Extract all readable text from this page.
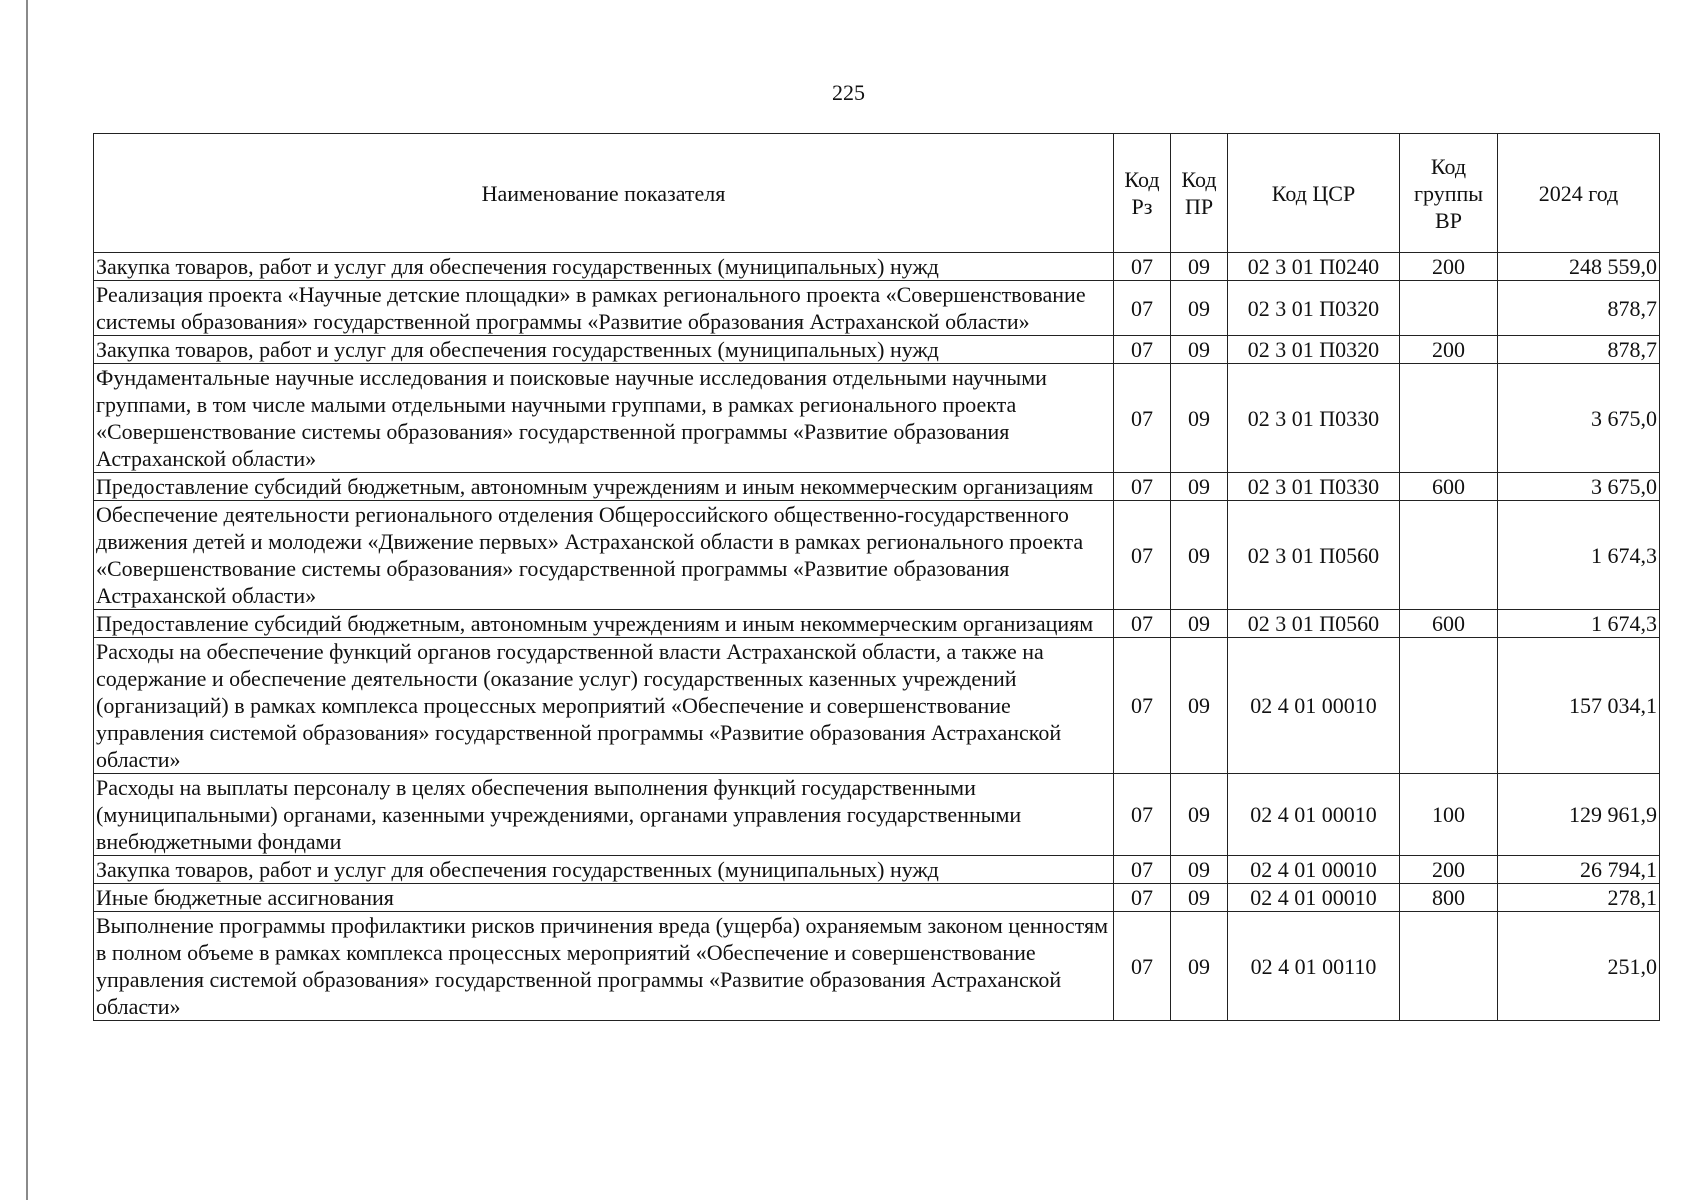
225
Наименование показателя	Код Рз	Код ПР	Код ЦСР	Код группы ВР	2024 год
Закупка товаров, работ и услуг для обеспечения государственных (муниципальных) нужд	07	09	02 3 01 П0240	200	248 559,0
Реализация проекта «Научные детские площадки» в рамках регионального проекта «Совершенствование системы образования» государственной программы «Развитие образования Астраханской области»	07	09	02 3 01 П0320		878,7
Закупка товаров, работ и услуг для обеспечения государственных (муниципальных) нужд	07	09	02 3 01 П0320	200	878,7
Фундаментальные научные исследования и поисковые научные исследования отдельными научными группами, в том числе малыми отдельными научными группами, в рамках регионального проекта «Совершенствование системы образования» государственной программы «Развитие образования Астраханской области»	07	09	02 3 01 П0330		3 675,0
Предоставление субсидий бюджетным, автономным учреждениям и иным некоммерческим организациям	07	09	02 3 01 П0330	600	3 675,0
Обеспечение деятельности регионального отделения Общероссийского общественно-государственного движения детей и молодежи «Движение первых» Астраханской области в рамках регионального проекта «Совершенствование системы образования» государственной программы «Развитие образования Астраханской области»	07	09	02 3 01 П0560		1 674,3
Предоставление субсидий бюджетным, автономным учреждениям и иным некоммерческим организациям	07	09	02 3 01 П0560	600	1 674,3
Расходы на обеспечение функций органов государственной власти Астраханской области, а также на содержание и обеспечение деятельности (оказание услуг) государственных казенных учреждений (организаций) в рамках комплекса процессных мероприятий «Обеспечение и совершенствование управления системой образования» государственной программы «Развитие образования Астраханской области»	07	09	02 4 01 00010		157 034,1
Расходы на выплаты персоналу в целях обеспечения выполнения функций государственными (муниципальными) органами, казенными учреждениями, органами управления государственными внебюджетными фондами	07	09	02 4 01 00010	100	129 961,9
Закупка товаров, работ и услуг для обеспечения государственных (муниципальных) нужд	07	09	02 4 01 00010	200	26 794,1
Иные бюджетные ассигнования	07	09	02 4 01 00010	800	278,1
Выполнение программы профилактики рисков причинения вреда (ущерба) охраняемым законом ценностям в полном объеме в рамках комплекса процессных мероприятий «Обеспечение и совершенствование управления системой образования» государственной программы «Развитие образования Астраханской области»	07	09	02 4 01 00110		251,0
